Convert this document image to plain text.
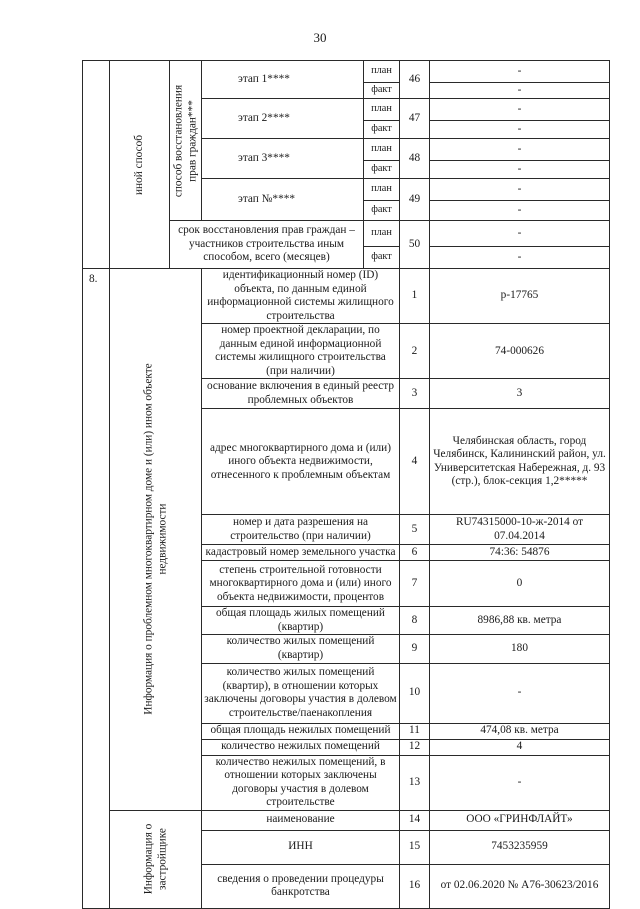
30

	иной способ	способ восстановления прав граждан***	этап 1****	план	46	-
				факт		-
			этап 2****	план	47	-
				факт		-
			этап 3****	план	48	-
				факт		-
			этап №****	план	49	-
				факт		-
		срок восстановления прав граждан – участников строительства иным способом, всего (месяцев)		план	50	-
				факт		-
8.	Информация о проблемном многоквартирном доме и (или) ином объекте недвижимости		идентификационный номер (ID) объекта, по данным единой информационной системы жилищного строительства		1	р-17765
			номер проектной декларации, по данным единой информационной системы жилищного строительства (при наличии)		2	74-000626
			основание включения в единый реестр проблемных объектов		3	3
			адрес многоквартирного дома и (или) иного объекта недвижимости, отнесенного к проблемным объектам		4	Челябинская область, город Челябинск, Калининский район, ул. Университетская Набережная, д. 93 (стр.), блок-секция 1,2*****
			номер и дата разрешения на строительство (при наличии)		5	RU74315000-10-ж-2014 от 07.04.2014
			кадастровый номер земельного участка		6	74:36: 54876
			степень строительной готовности многоквартирного дома и (или) иного объекта недвижимости, процентов		7	0
			общая площадь жилых помещений (квартир)		8	8986,88 кв. метра
			количество жилых помещений (квартир)		9	180
			количество жилых помещений (квартир), в отношении которых заключены договоры участия в долевом строительстве/паенакопления		10	-
			общая площадь нежилых помещений		11	474,08 кв. метра
			количество нежилых помещений		12	4
			количество нежилых помещений, в отношении которых заключены договоры участия в долевом строительстве		13	-

	Информация о застройщике		наименование		14	ООО «ГРИНФЛАЙТ»
			ИНН		15	7453235959
			сведения о проведении процедуры банкротства		16	от 02.06.2020 № А76-30623/2016
